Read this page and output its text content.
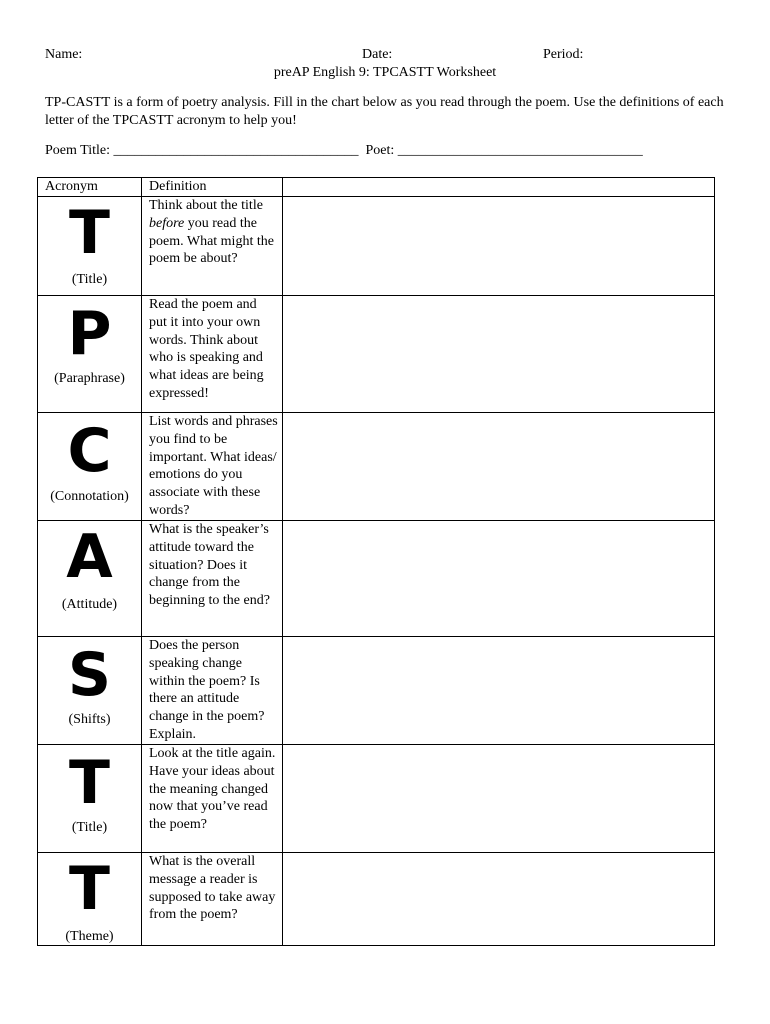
Name:	Date:	Period:
preAP English 9: TPCASTT Worksheet
TP-CASTT is a form of poetry analysis. Fill in the chart below as you read through the poem. Use the definitions of each letter of the TPCASTT acronym to help you!
Poem Title: ___________________________________ Poet: ___________________________________
Acronym	Definition	

T
(Title)	Think about the title before you read the poem. What might the poem be about?	

P
(Paraphrase)	Read the poem and put it into your own words. Think about who is speaking and what ideas are being expressed!	

C
(Connotation)	List words and phrases you find to be important. What ideas/ emotions do you associate with these words?	

A
(Attitude)	What is the speaker’s attitude toward the situation? Does it change from the beginning to the end?	

S
(Shifts)	Does the person speaking change within the poem? Is there an attitude change in the poem? Explain.	

T
(Title)	Look at the title again. Have your ideas about the meaning changed now that you’ve read the poem?	

T
(Theme)	What is the overall message a reader is supposed to take away from the poem?	
